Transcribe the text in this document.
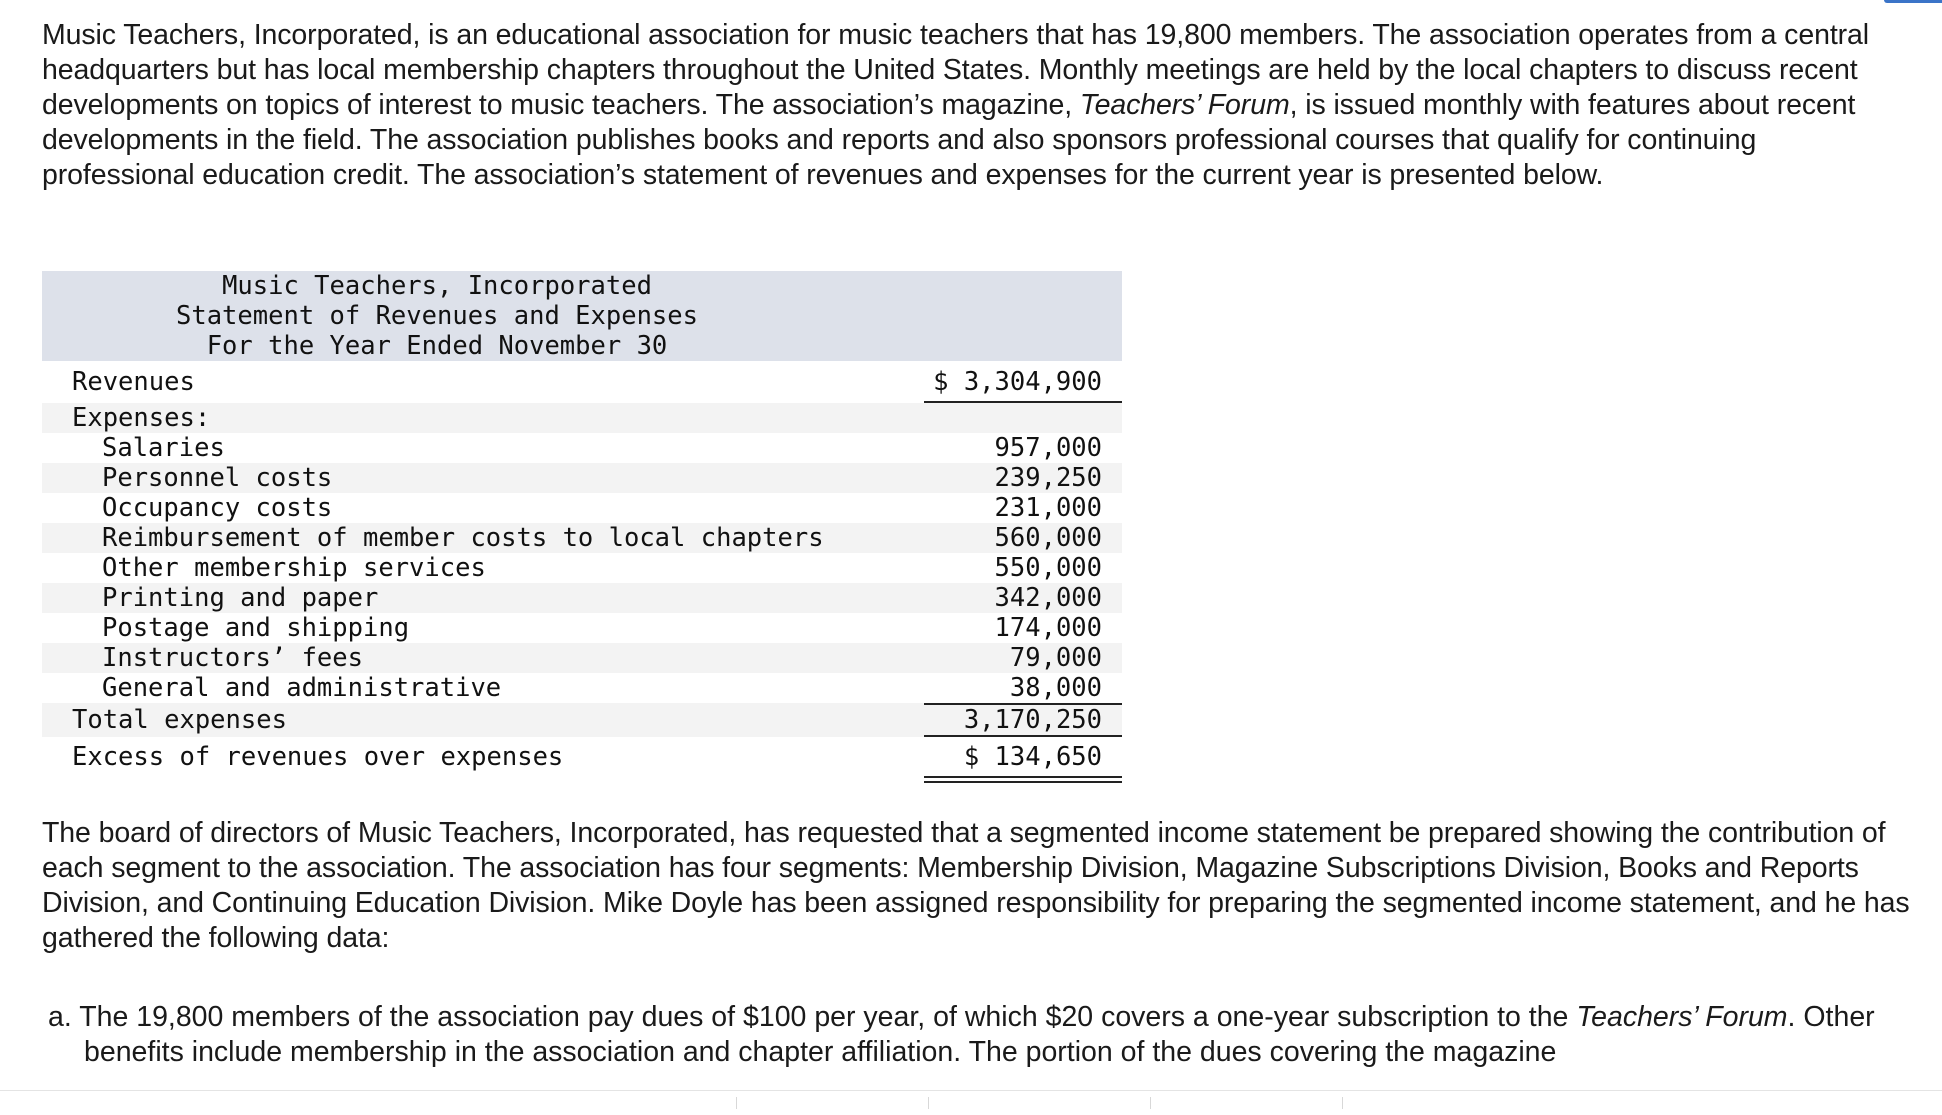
Music Teachers, Incorporated, is an educational association for music teachers that has 19,800 members. The association operates from a central headquarters but has local membership chapters throughout the United States. Monthly meetings are held by the local chapters to discuss recent developments on topics of interest to music teachers. The association’s magazine, Teachers’ Forum, is issued monthly with features about recent developments in the field. The association publishes books and reports and also sponsors professional courses that qualify for continuing professional education credit. The association’s statement of revenues and expenses for the current year is presented below.

Music Teachers, Incorporated
Statement of Revenues and Expenses
For the Year Ended November 30
Revenues	$ 3,304,900
Expenses:
Salaries	957,000
Personnel costs	239,250
Occupancy costs	231,000
Reimbursement of member costs to local chapters	560,000
Other membership services	550,000
Printing and paper	342,000
Postage and shipping	174,000
Instructors’ fees	79,000
General and administrative	38,000
Total expenses	3,170,250
Excess of revenues over expenses	$ 134,650

The board of directors of Music Teachers, Incorporated, has requested that a segmented income statement be prepared showing the contribution of each segment to the association. The association has four segments: Membership Division, Magazine Subscriptions Division, Books and Reports Division, and Continuing Education Division. Mike Doyle has been assigned responsibility for preparing the segmented income statement, and he has gathered the following data:

a. The 19,800 members of the association pay dues of $100 per year, of which $20 covers a one-year subscription to the Teachers’ Forum. Other benefits include membership in the association and chapter affiliation. The portion of the dues covering the magazine
